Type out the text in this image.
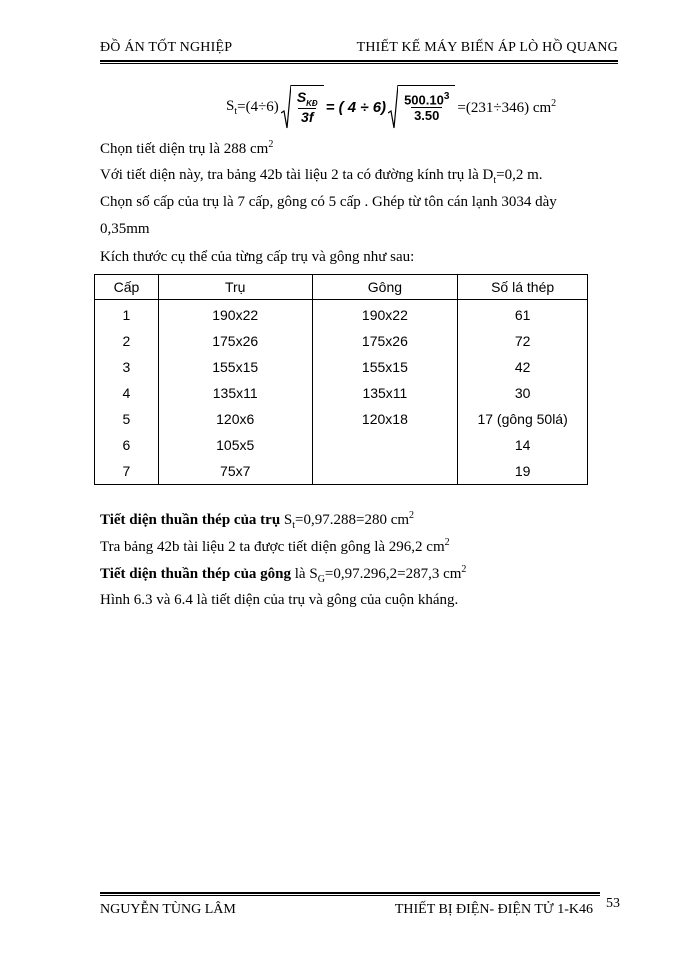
ĐỒ ÁN TỐT NGHIỆP	THIẾT KẾ MÁY BIẾN ÁP LÒ HỒ QUANG
$S_t =(4\div 6) \frac{S_{KĐ}}{3f}$ = ( $4 \div 6) \frac{500.10^3}{3.50} =(231\div 346)$ $cm^2$
Chọn tiết diện trụ là 288 $cm^2$
Với tiết diện này, tra bảng 42b tài liệu 2 ta có đường kính trụ là $D_t=0,2$ m.
Chọn số cấp của trụ là 7 cấp, gông có 5 cấp . Ghép từ tôn cán lạnh 3034 dày
0,35mm
Kích thước cụ thể của từng cấp trụ và gông như sau:
Cấp	Trụ	Gông	Số lá thép
1	190x22	190x22	61
2	175x26	175x26	72
3	155x15	155x15	42
4	135x11	135x11	30
5	120x6	120x18	17 (gông 50lá)
6	105x5		14
7	75x7		19
Tiết diện thuần thép của trụ $S_t=0,97.288=280$ $cm^2$
Tra bảng 42b tài liệu 2 ta được tiết diện gông là 296,2 $cm^2$
Tiết diện thuần thép của gông là $S_G=0,97.296,2=287,3$ $cm^2$
Hình 6.3 và 6.4 là tiết diện của trụ và gông của cuộn kháng.
NGUYỄN TÙNG LÂM	THIẾT BỊ ĐIỆN- ĐIỆN TỬ 1-K46 53
